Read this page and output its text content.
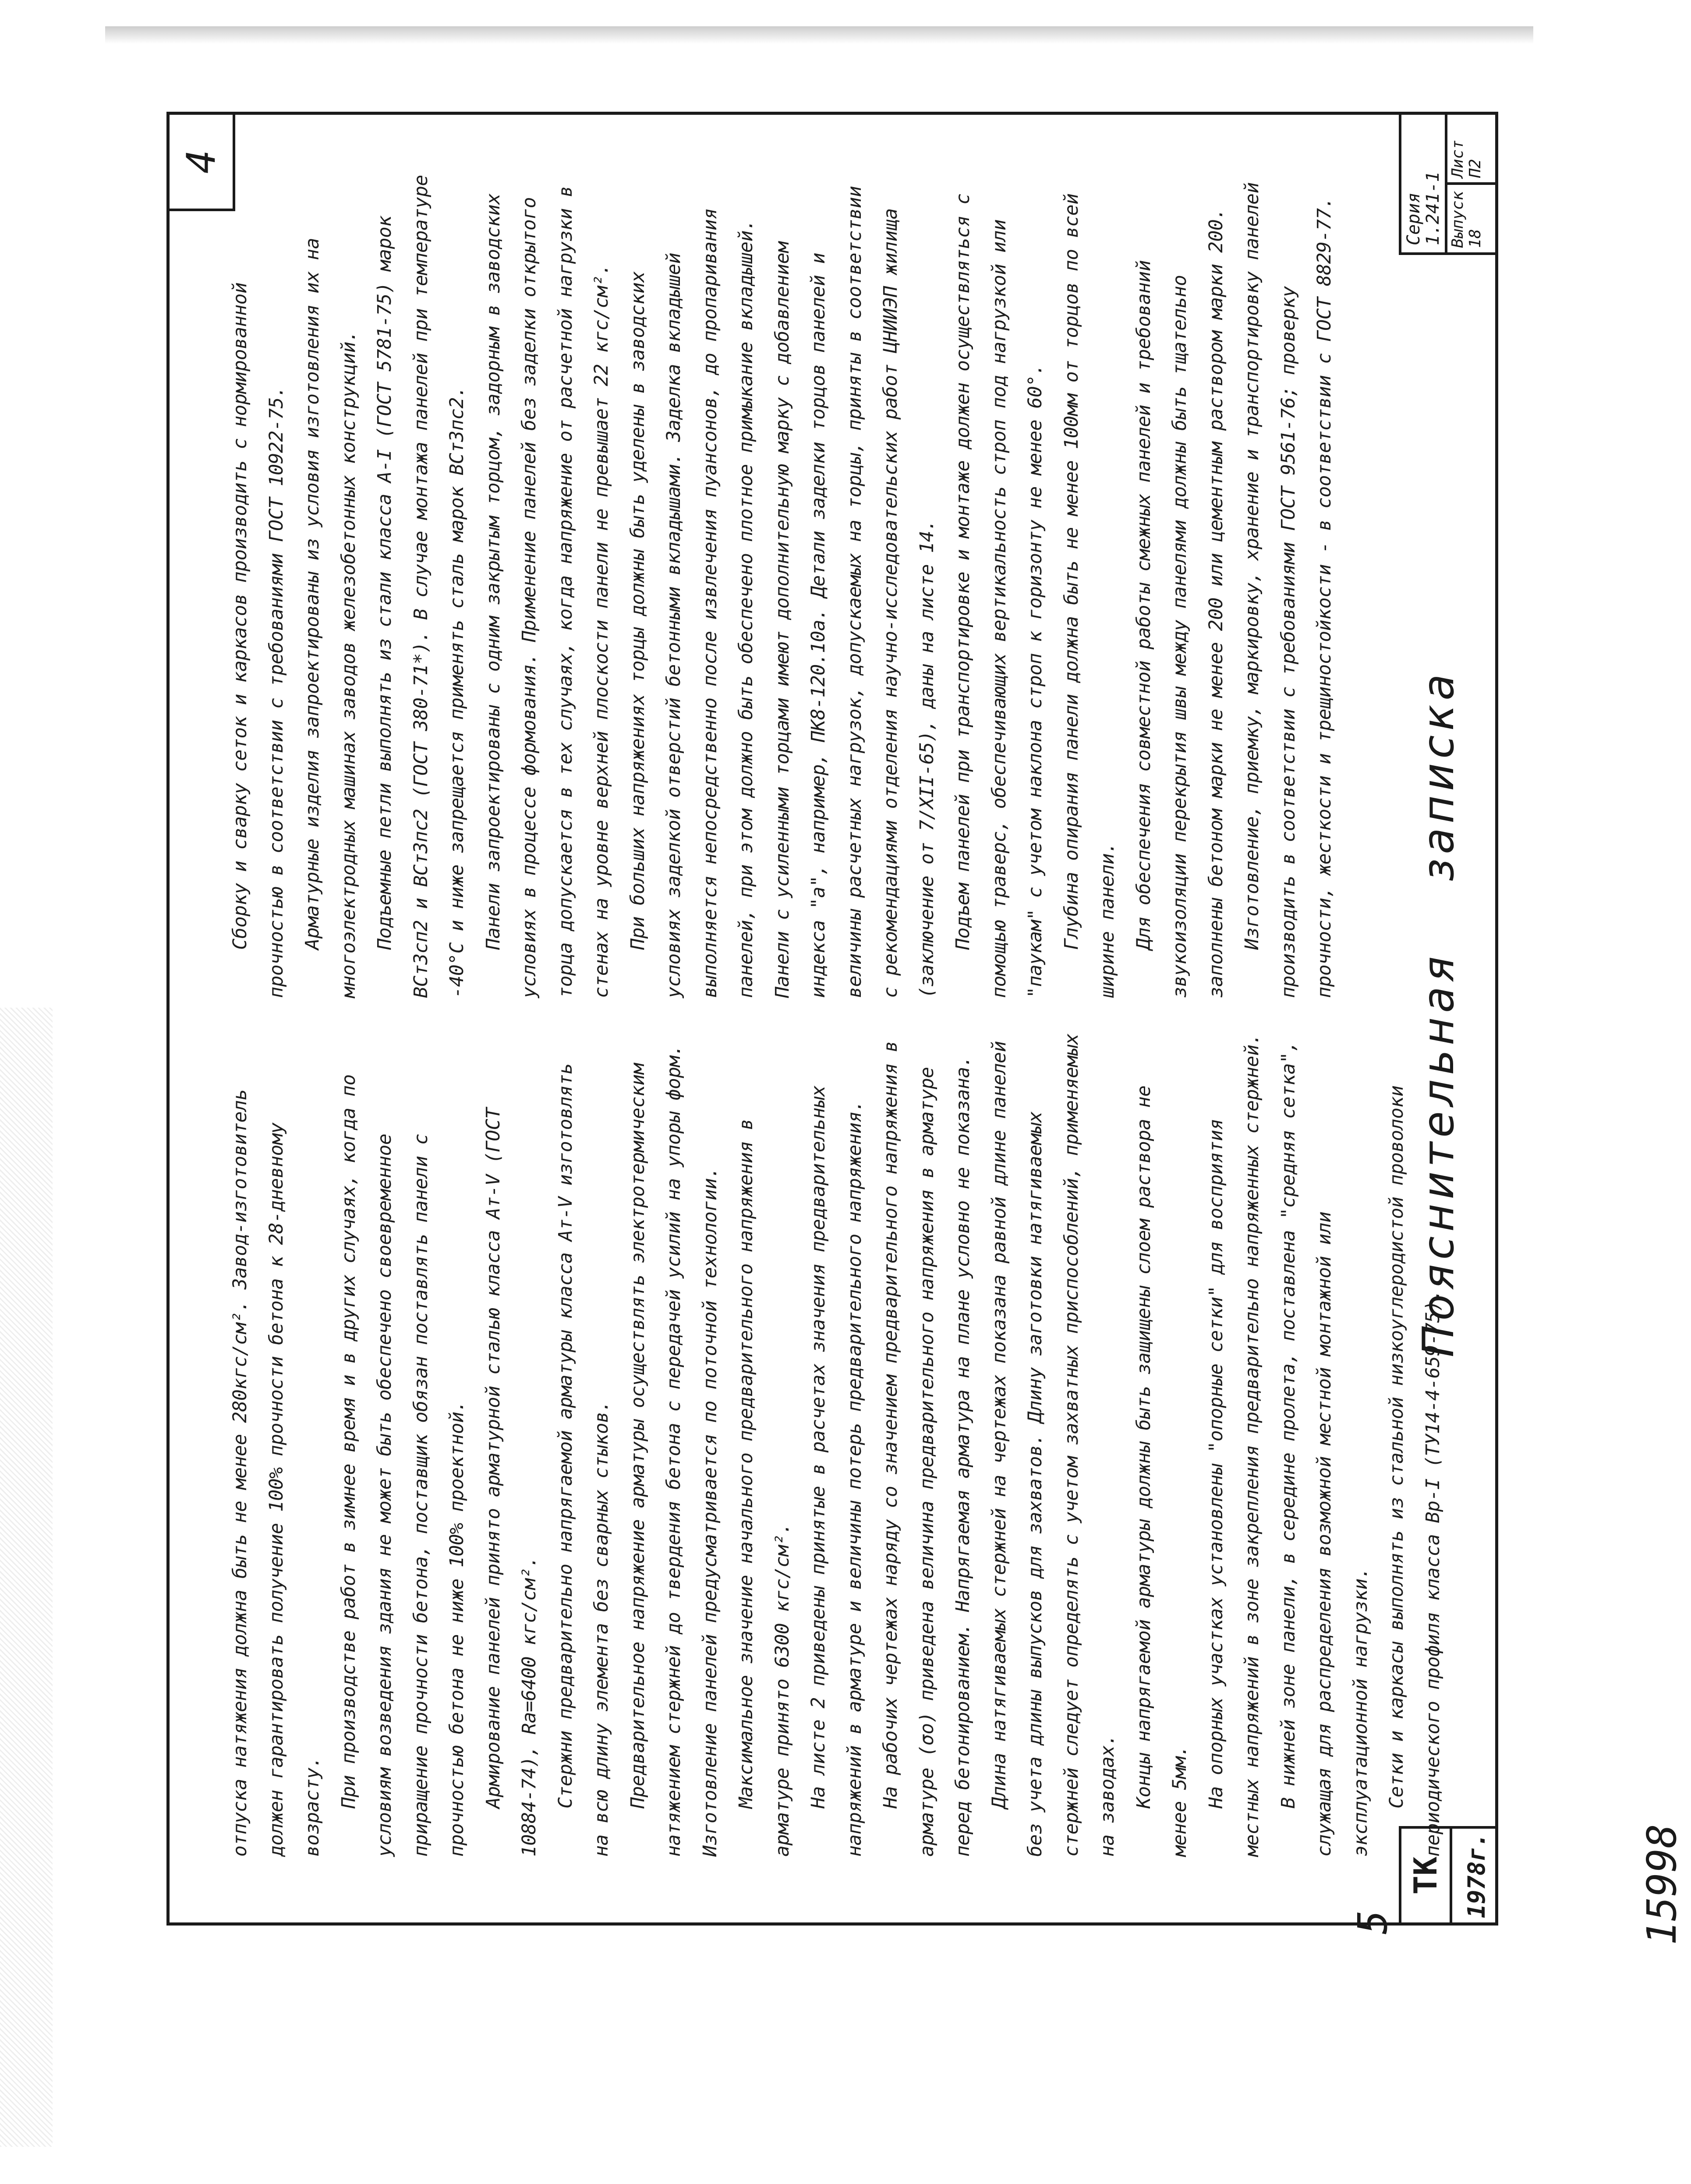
4

отпуска натяжения должна быть не менее 280кгс/см². Завод-изготовитель должен гарантировать получение 100% прочности бетона к 28-дневному возрасту. При производстве работ в зимнее время и в других случаях, когда по условиям возведения здания не может быть обеспечено своевременное приращение прочности бетона, поставщик обязан поставлять панели с прочностью бетона не ниже 100% проектной. Армирование панелей принято арматурной сталью класса Ат-V (ГОСТ 10884-74), Ra=6400 кгс/см². Стержни предварительно напрягаемой арматуры класса Ат-V изготовлять на всю длину элемента без сварных стыков. Предварительное напряжение арматуры осуществлять электротермическим натяжением стержней до твердения бетона с передачей усилий на упоры форм. Изготовление панелей предусматривается по поточной технологии. Максимальное значение начального предварительного напряжения в арматуре принято 6300 кгс/см². На листе 2 приведены принятые в расчетах значения предварительных напряжений в арматуре и величины потерь предварительного напряжения. На рабочих чертежах наряду со значением предварительного напряжения в арматуре (σо) приведена величина предварительного напряжения в арматуре перед бетонированием. Напрягаемая арматура на плане условно не показана. Длина натягиваемых стержней на чертежах показана равной длине панелей без учета длины выпусков для захватов. Длину заготовки натягиваемых стержней следует определять с учетом захватных приспособлений, применяемых на заводах. Концы напрягаемой арматуры должны быть защищены слоем раствора не менее 5мм. На опорных участках установлены "опорные сетки" для восприятия местных напряжений в зоне закрепления предварительно напряженных стержней. В нижней зоне панели, в середине пролета, поставлена "средняя сетка", служащая для распределения возможной местной монтажной или эксплуатационной нагрузки. Сетки и каркасы выполнять из стальной низкоуглеродистой проволоки периодического профиля класса Вр-I (ТУ14-4-659-75).

Сборку и сварку сеток и каркасов производить с нормированной прочностью в соответствии с требованиями ГОСТ 10922-75. Арматурные изделия запроектированы из условия изготовления их на многоэлектродных машинах заводов железобетонных конструкций. Подъемные петли выполнять из стали класса А-I (ГОСТ 5781-75) марок ВСт3сп2 и ВСт3пс2 (ГОСТ 380-71*). В случае монтажа панелей при температуре -40°С и ниже запрещается применять сталь марок ВСт3пс2. Панели запроектированы с одним закрытым торцом, задорным в заводских условиях в процессе формования. Применение панелей без заделки открытого торца допускается в тех случаях, когда напряжение от расчетной нагрузки в стенах на уровне верхней плоскости панели не превышает 22 кгс/см². При больших напряжениях торцы должны быть уделены в заводских условиях заделкой отверстий бетонными вкладышами. Заделка вкладышей выполняется непосредственно после извлечения пуансонов, до пропаривания панелей, при этом должно быть обеспечено плотное примыкание вкладышей. Панели с усиленными торцами имеют дополнительную марку с добавлением индекса "а", например, ПК8-120.10а. Детали заделки торцов панелей и величины расчетных нагрузок, допускаемых на торцы, приняты в соответствии с рекомендациями отделения научно-исследовательских работ ЦНИИЭП жилища (заключение от 7/XII-65), даны на листе 14. Подъем панелей при транспортировке и монтаже должен осуществляться с помощью траверс, обеспечивающих вертикальность строп под нагрузкой или "паукам" с учетом наклона строп к горизонту не менее 60°. Глубина опирания панели должна быть не менее 100мм от торцов по всей ширине панели. Для обеспечения совместной работы смежных панелей и требований звукоизоляции перекрытия швы между панелями должны быть тщательно заполнены бетоном марки не менее 200 или цементным раствором марки 200. Изготовление, приемку, маркировку, хранение и транспортировку панелей производить в соответствии с требованиями ГОСТ 9561-76; проверку прочности, жесткости и трещиностойкости - в соответствии с ГОСТ 8829-77.

ТК 1978г.
Пояснительная записка
Серия 1.241-1 Выпуск 18
Лист П2
15998
5
